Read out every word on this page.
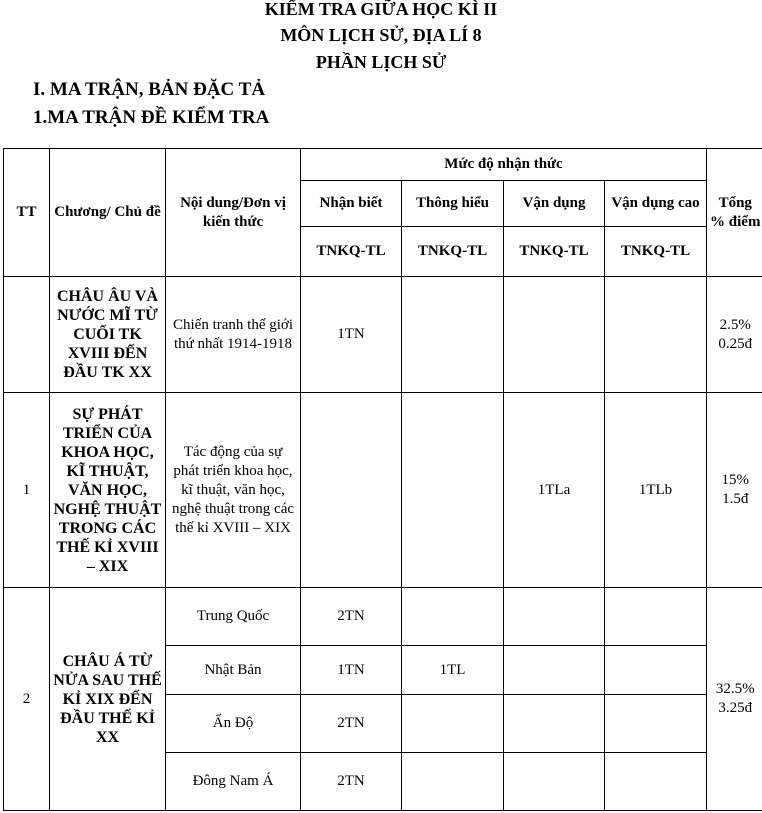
KIỂM TRA GIỮA HỌC KÌ II
MÔN LỊCH SỬ, ĐỊA LÍ 8
PHẦN LỊCH SỬ
I. MA TRẬN, BẢN ĐẶC TẢ
1.MA TRẬN ĐỀ KIỂM TRA
TT	Chương/ Chủ đề	Nội dung/Đơn vị kiến thức	Mức độ nhận thức				Tổng % điểm
			Nhận biết	Thông hiểu	Vận dụng	Vận dụng cao	
			TNKQ-TL	TNKQ-TL	TNKQ-TL	TNKQ-TL	
	CHÂU ÂU VÀ NƯỚC MĨ TỪ CUỐI TK XVIII ĐẾN ĐẦU TK XX	Chiến tranh thế giới thứ nhất 1914-1918	1TN				2.5%
0.25đ

1	SỰ PHÁT TRIỂN CỦA KHOA HỌC, KĨ THUẬT, VĂN HỌC, NGHỆ THUẬT TRONG CÁC THẾ KỈ XVIII – XIX	Tác động của sự phát triển khoa học, kĩ thuật, văn học, nghệ thuật trong các thế kỉ XVIII – XIX			1TLa	1TLb	15%
1.5đ

2	CHÂU Á TỪ NỬA SAU THẾ KỈ XIX ĐẾN ĐẦU THẾ KỈ XX	Trung Quốc	2TN				32.5%
3.25đ

		Nhật Bản	1TN	1TL			
		Ấn Độ	2TN				
		Đông Nam Á	2TN				
